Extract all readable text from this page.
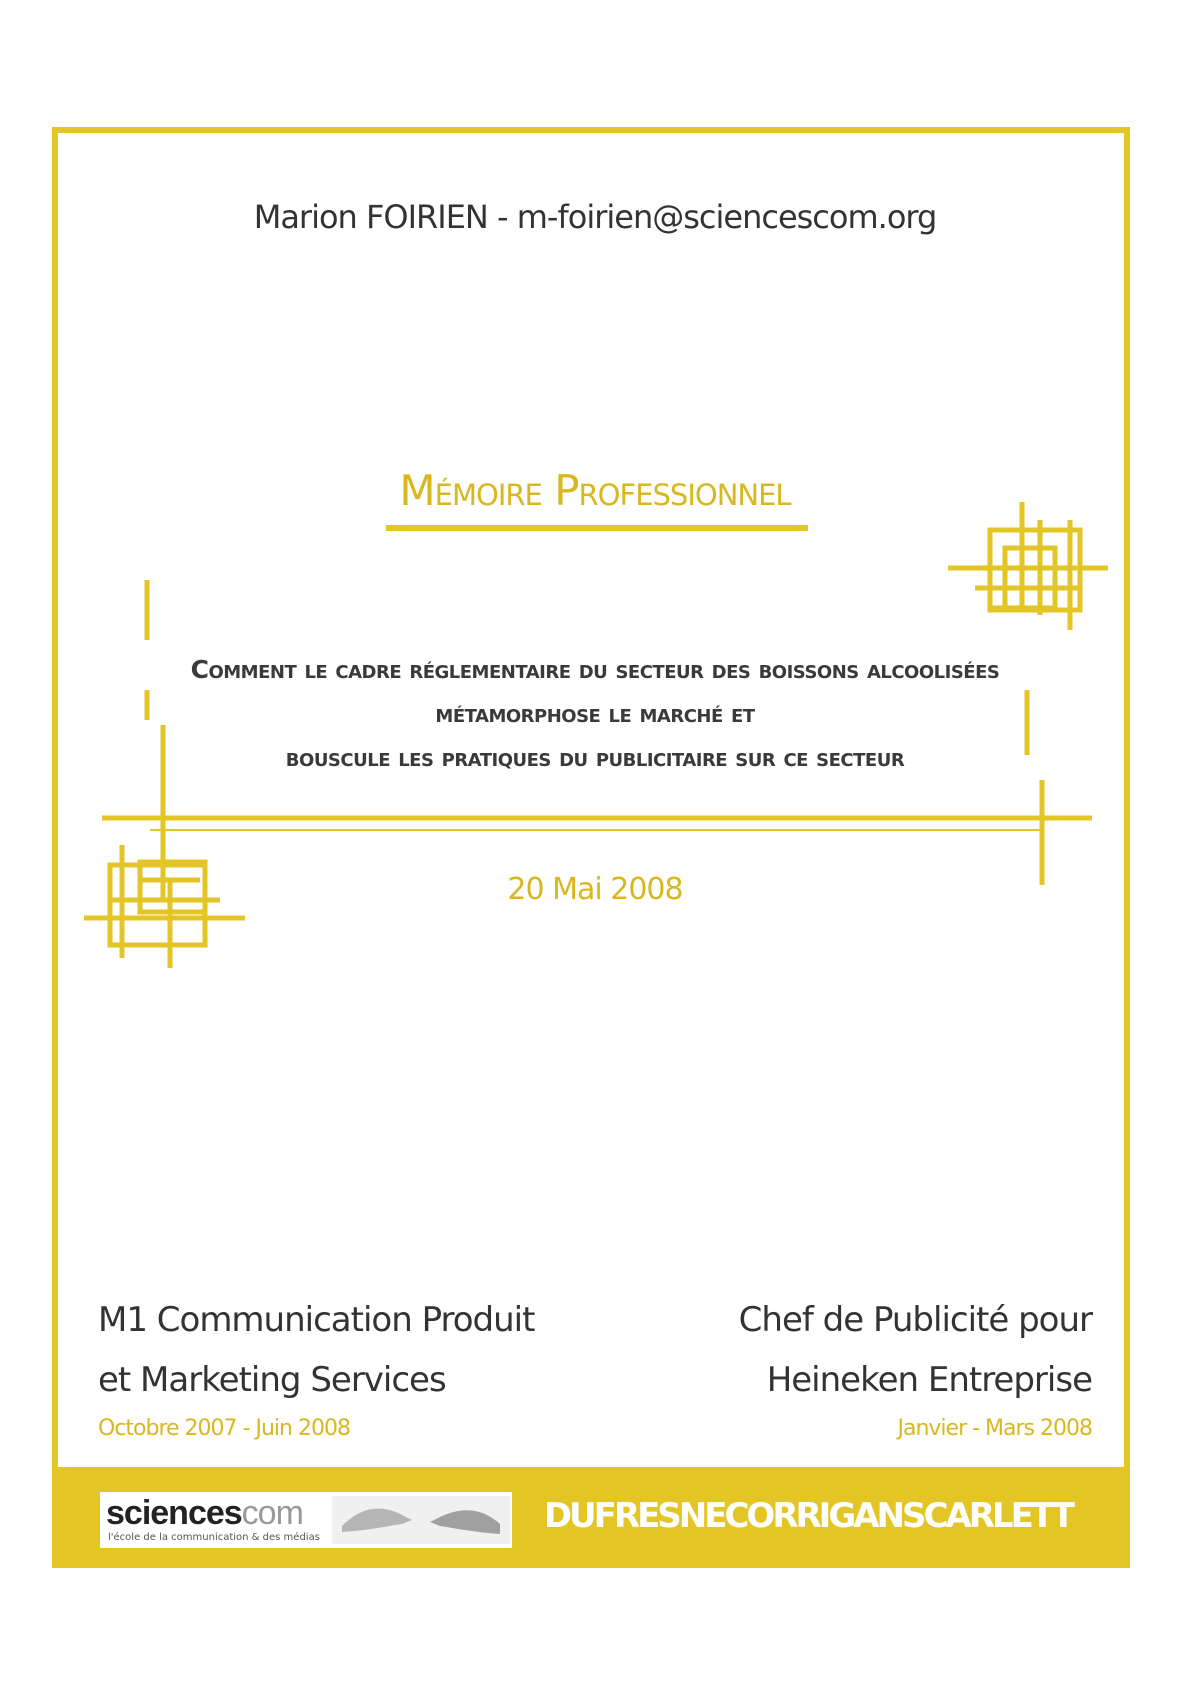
Marion FOIRIEN - m-foirien@sciencescom.org
Mémoire Professionnel
Comment le cadre réglementaire du secteur des boissons alcoolisées
métamorphose le marché et
bouscule les pratiques du publicitaire sur ce secteur
20 Mai 2008
M1 Communication Produit
et Marketing Services
Octobre 2007 - Juin 2008
Chef de Publicité pour
Heineken Entreprise
Janvier - Mars 2008
sciencescom
l'école de la communication & des médias
DUFRESNECORRIGANSCARLETT
